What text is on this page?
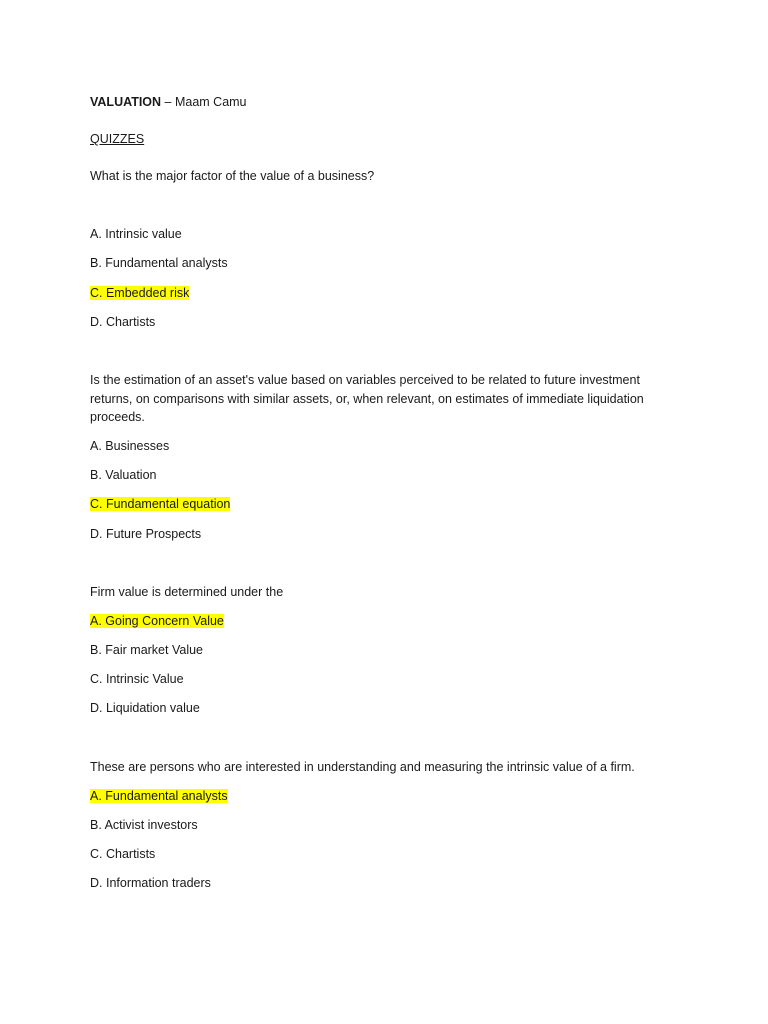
VALUATION – Maam Camu
QUIZZES
What is the major factor of the value of a business?
A. Intrinsic value
B. Fundamental analysts
C. Embedded risk
D. Chartists
Is the estimation of an asset's value based on variables perceived to be related to future investment returns, on comparisons with similar assets, or, when relevant, on estimates of immediate liquidation proceeds.
A. Businesses
B. Valuation
C. Fundamental equation
D. Future Prospects
Firm value is determined under the
A. Going Concern Value
B. Fair market Value
C. Intrinsic Value
D. Liquidation value
These are persons who are interested in understanding and measuring the intrinsic value of a firm.
A. Fundamental analysts
B. Activist investors
C. Chartists
D. Information traders
